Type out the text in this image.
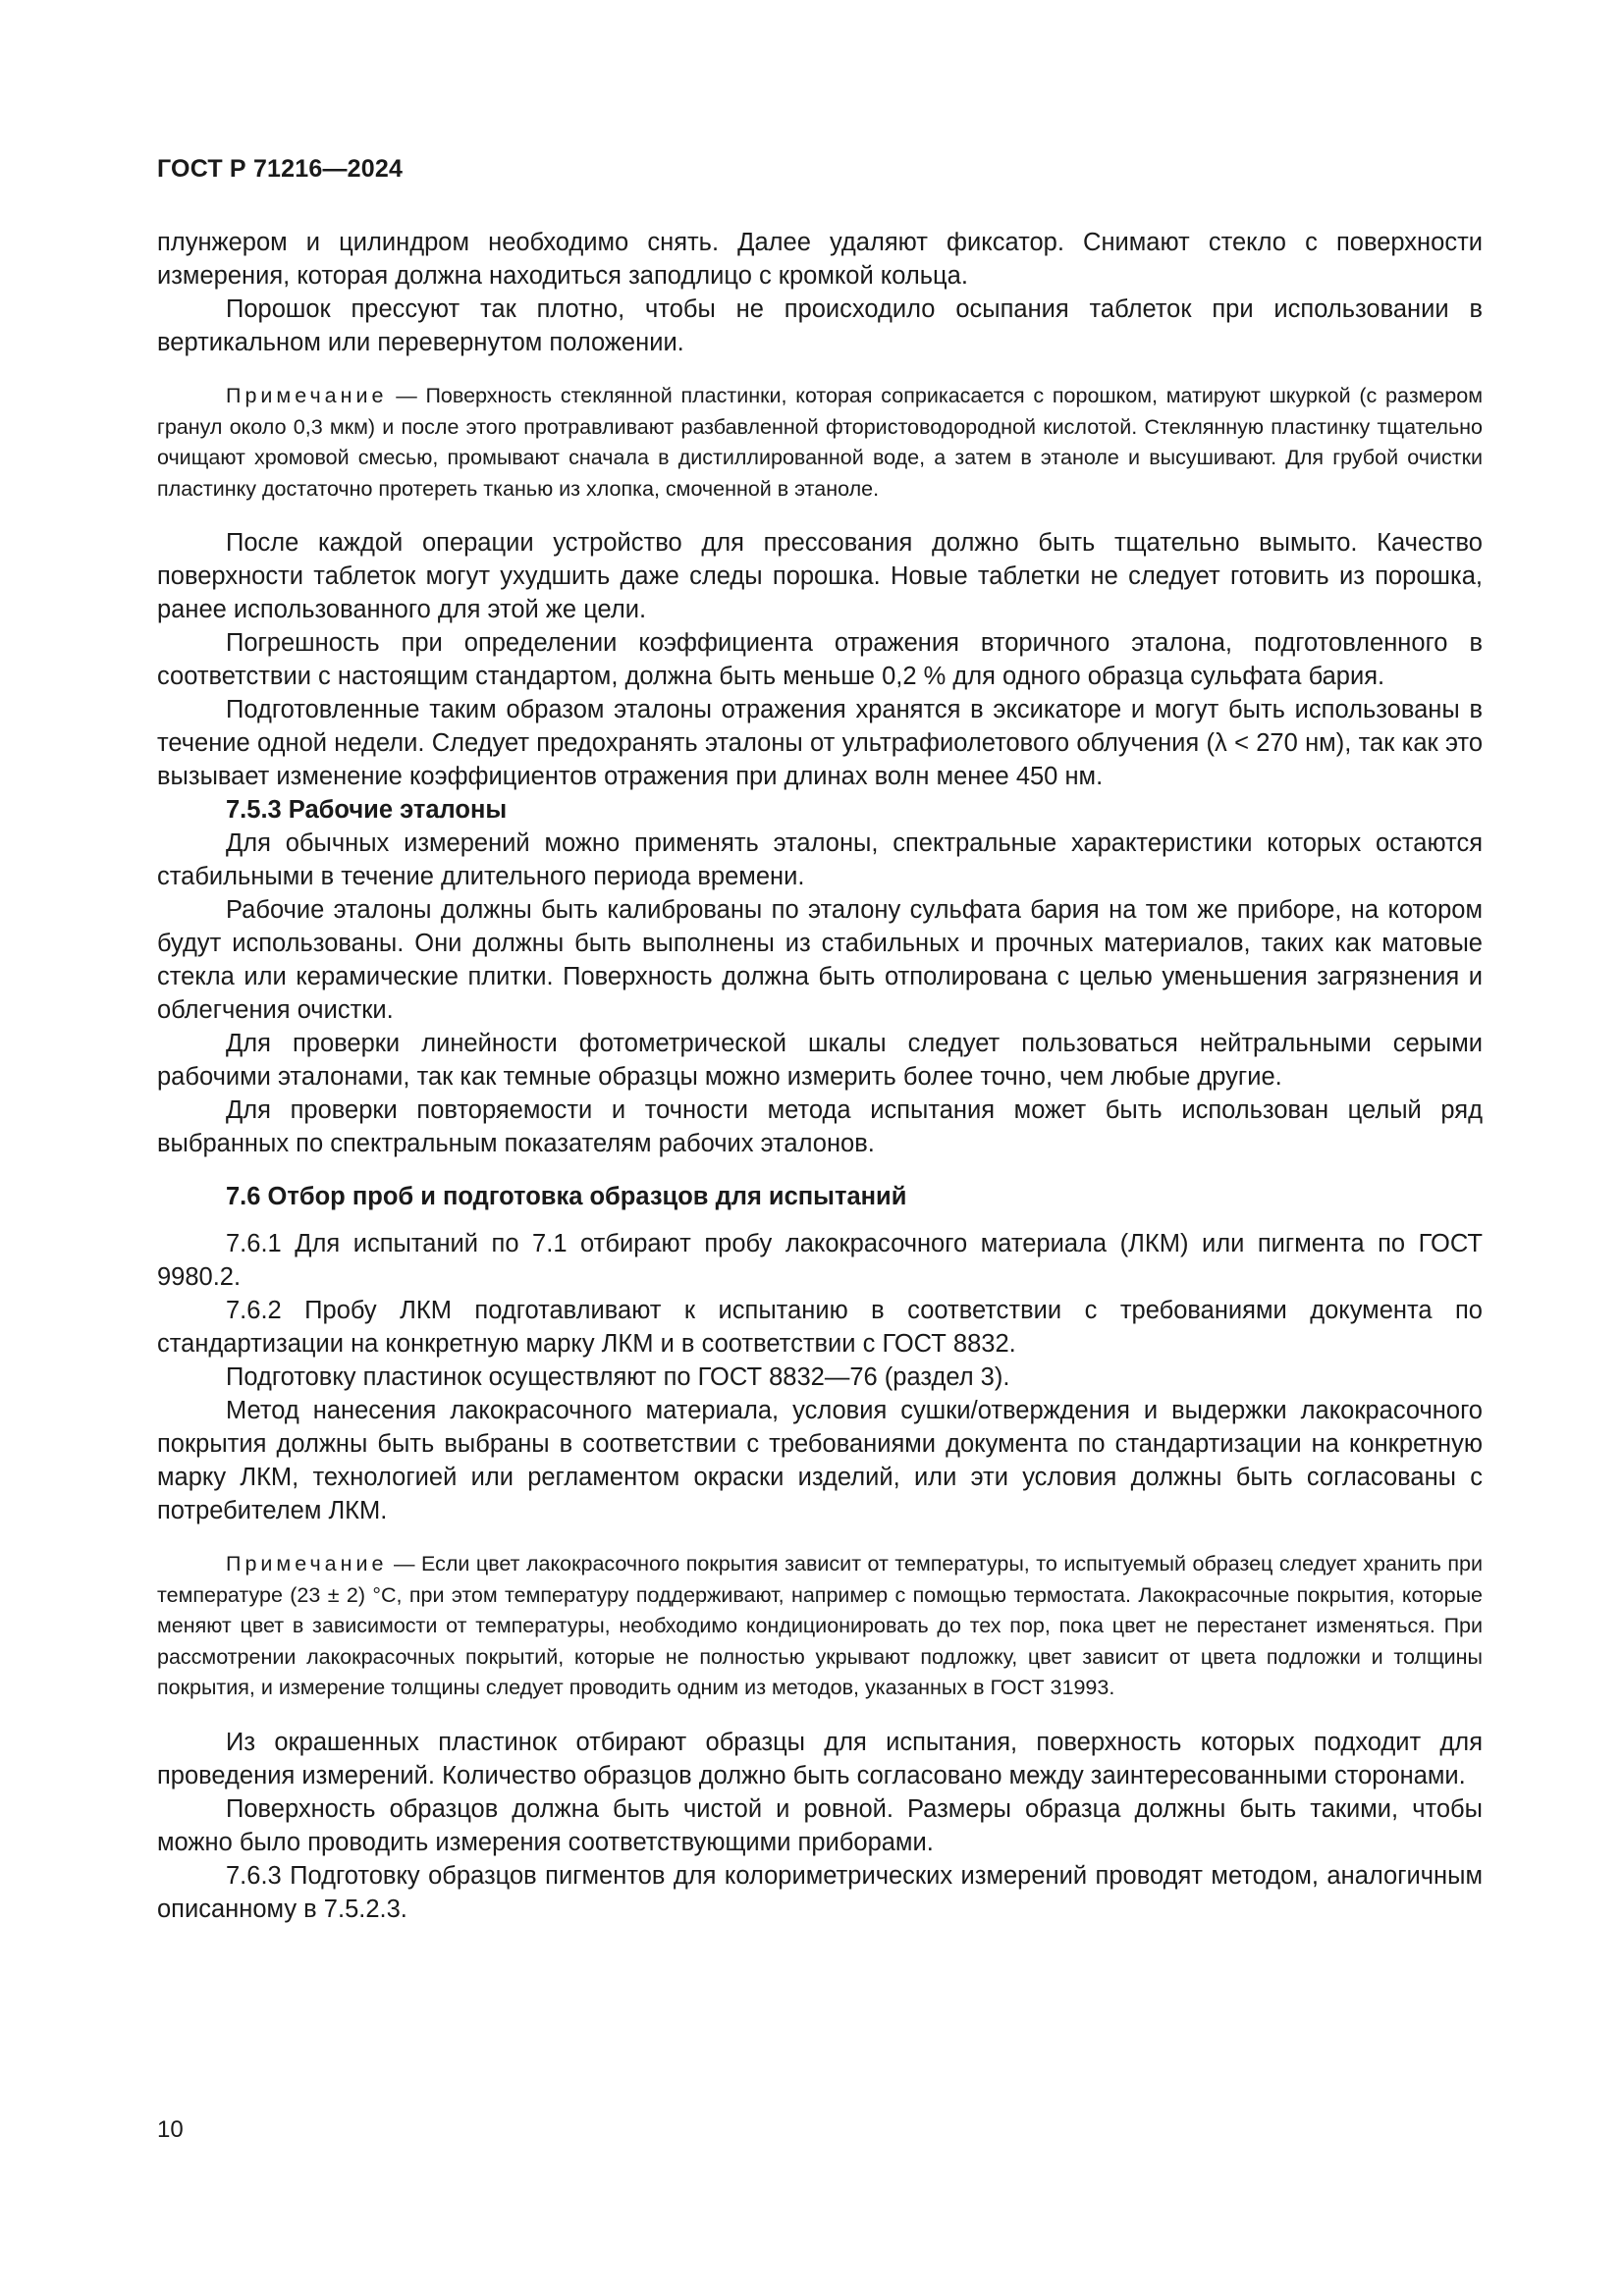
ГОСТ Р 71216—2024

плунжером и цилиндром необходимо снять. Далее удаляют фиксатор. Снимают стекло с поверхности измерения, которая должна находиться заподлицо с кромкой кольца.

Порошок прессуют так плотно, чтобы не происходило осыпания таблеток при использовании в вертикальном или перевернутом положении.

Примечание — Поверхность стеклянной пластинки, которая соприкасается с порошком, матируют шкуркой (с размером гранул около 0,3 мкм) и после этого протравливают разбавленной фтористоводородной кислотой. Стеклянную пластинку тщательно очищают хромовой смесью, промывают сначала в дистиллированной воде, а затем в этаноле и высушивают. Для грубой очистки пластинку достаточно протереть тканью из хлопка, смоченной в этаноле.

После каждой операции устройство для прессования должно быть тщательно вымыто. Качество поверхности таблеток могут ухудшить даже следы порошка. Новые таблетки не следует готовить из порошка, ранее использованного для этой же цели.

Погрешность при определении коэффициента отражения вторичного эталона, подготовленного в соответствии с настоящим стандартом, должна быть меньше 0,2 % для одного образца сульфата бария.

Подготовленные таким образом эталоны отражения хранятся в эксикаторе и могут быть использованы в течение одной недели. Следует предохранять эталоны от ультрафиолетового облучения (λ < 270 нм), так как это вызывает изменение коэффициентов отражения при длинах волн менее 450 нм.

7.5.3 Рабочие эталоны

Для обычных измерений можно применять эталоны, спектральные характеристики которых остаются стабильными в течение длительного периода времени.

Рабочие эталоны должны быть калиброваны по эталону сульфата бария на том же приборе, на котором будут использованы. Они должны быть выполнены из стабильных и прочных материалов, таких как матовые стекла или керамические плитки. Поверхность должна быть отполирована с целью уменьшения загрязнения и облегчения очистки.

Для проверки линейности фотометрической шкалы следует пользоваться нейтральными серыми рабочими эталонами, так как темные образцы можно измерить более точно, чем любые другие.

Для проверки повторяемости и точности метода испытания может быть использован целый ряд выбранных по спектральным показателям рабочих эталонов.

7.6 Отбор проб и подготовка образцов для испытаний

7.6.1 Для испытаний по 7.1 отбирают пробу лакокрасочного материала (ЛКМ) или пигмента по ГОСТ 9980.2.

7.6.2 Пробу ЛКМ подготавливают к испытанию в соответствии с требованиями документа по стандартизации на конкретную марку ЛКМ и в соответствии с ГОСТ 8832.

Подготовку пластинок осуществляют по ГОСТ 8832—76 (раздел 3).

Метод нанесения лакокрасочного материала, условия сушки/отверждения и выдержки лакокрасочного покрытия должны быть выбраны в соответствии с требованиями документа по стандартизации на конкретную марку ЛКМ, технологией или регламентом окраски изделий, или эти условия должны быть согласованы с потребителем ЛКМ.

Примечание — Если цвет лакокрасочного покрытия зависит от температуры, то испытуемый образец следует хранить при температуре (23 ± 2) °С, при этом температуру поддерживают, например с помощью термостата. Лакокрасочные покрытия, которые меняют цвет в зависимости от температуры, необходимо кондиционировать до тех пор, пока цвет не перестанет изменяться. При рассмотрении лакокрасочных покрытий, которые не полностью укрывают подложку, цвет зависит от цвета подложки и толщины покрытия, и измерение толщины следует проводить одним из методов, указанных в ГОСТ 31993.

Из окрашенных пластинок отбирают образцы для испытания, поверхность которых подходит для проведения измерений. Количество образцов должно быть согласовано между заинтересованными сторонами.

Поверхность образцов должна быть чистой и ровной. Размеры образца должны быть такими, чтобы можно было проводить измерения соответствующими приборами.

7.6.3 Подготовку образцов пигментов для колориметрических измерений проводят методом, аналогичным описанному в 7.5.2.3.

10
